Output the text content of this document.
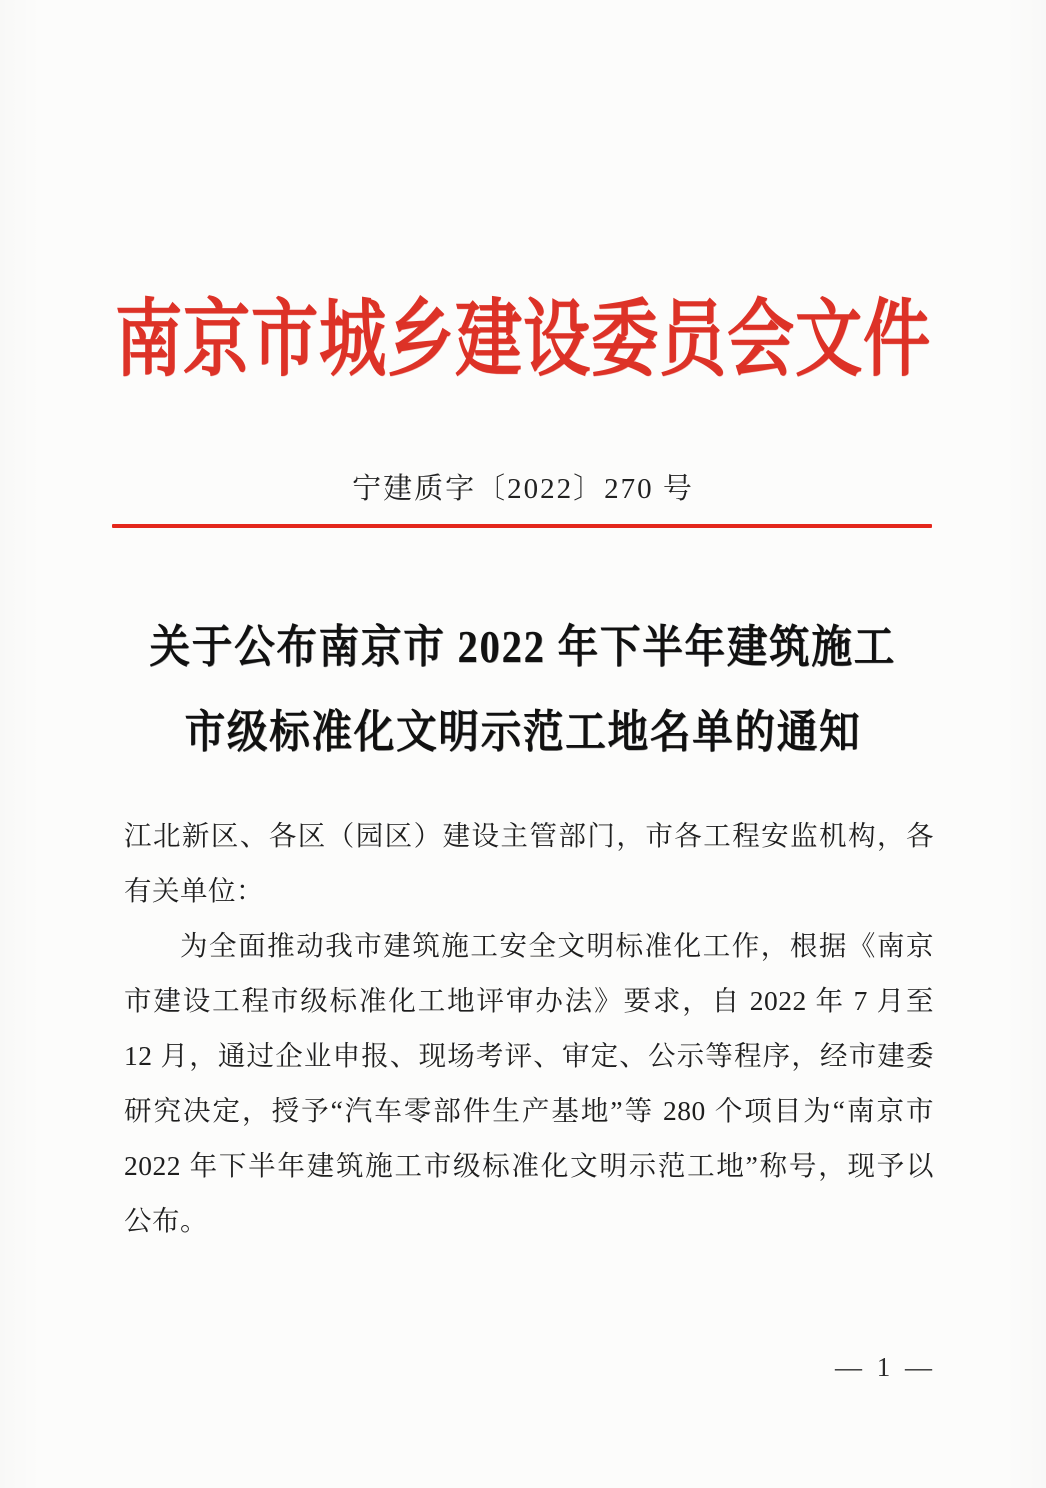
南京市城乡建设委员会文件
宁建质字〔2022〕270 号
关于公布南京市 2022 年下半年建筑施工
市级标准化文明示范工地名单的通知
江北新区、各区（园区）建设主管部门，市各工程安监机构，各
有关单位：
为全面推动我市建筑施工安全文明标准化工作，根据《南京
市建设工程市级标准化工地评审办法》要求，自 2022 年 7 月至
12 月，通过企业申报、现场考评、审定、公示等程序，经市建委
研究决定，授予“汽车零部件生产基地”等 280 个项目为“南京市
2022 年下半年建筑施工市级标准化文明示范工地”称号，现予以
公布。
— 1 —
